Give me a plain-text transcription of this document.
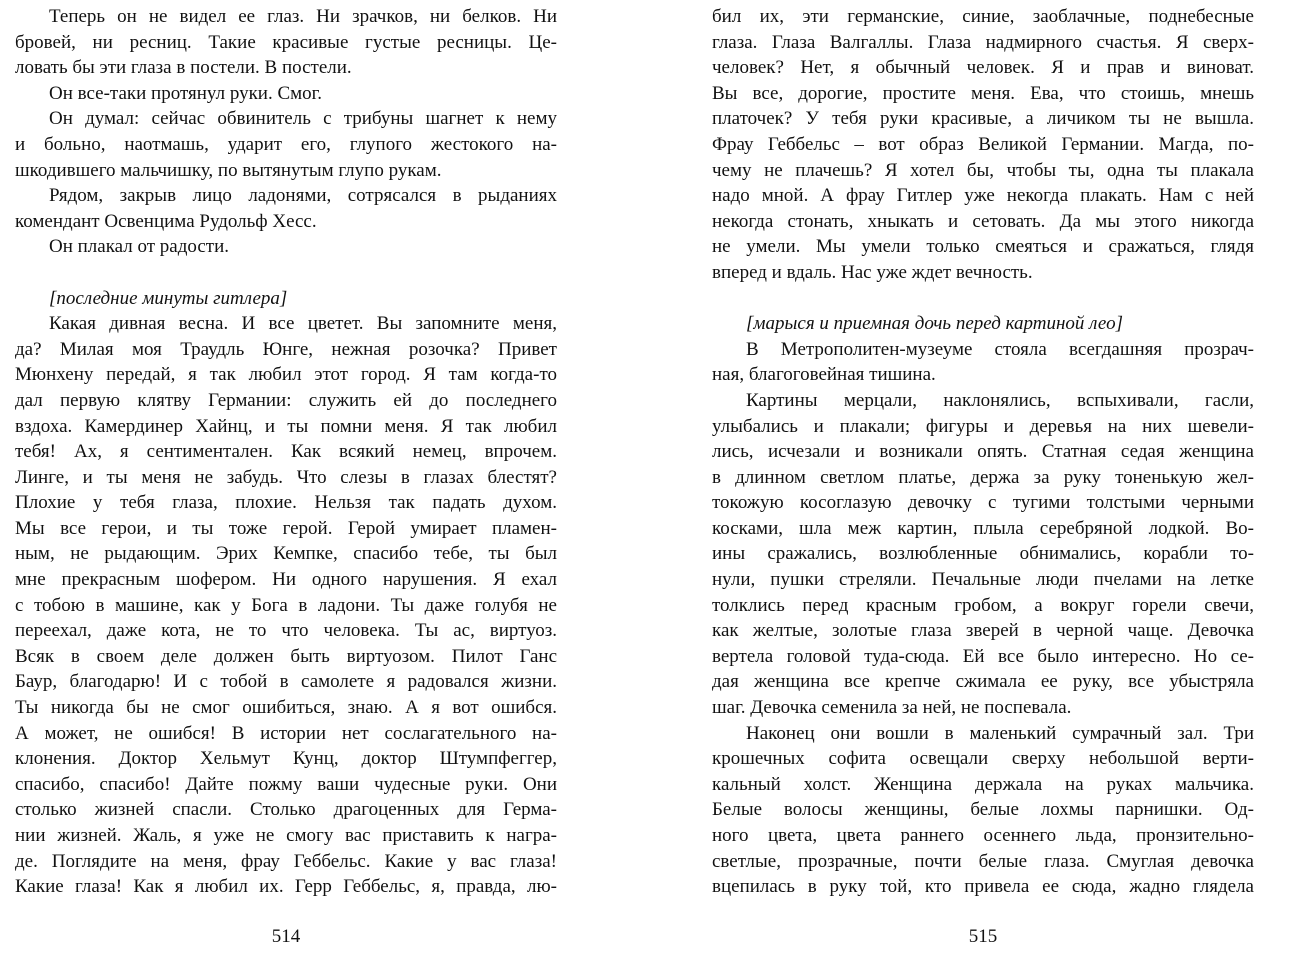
Теперь он не видел ее глаз. Ни зрачков, ни белков. Ни
бровей, ни ресниц. Такие красивые густые ресницы. Це-
ловать бы эти глаза в постели. В постели.
Он все-таки протянул руки. Смог.
Он думал: сейчас обвинитель с трибуны шагнет к нему
и больно, наотмашь, ударит его, глупого жестокого на-
шкодившего мальчишку, по вытянутым глупо рукам.
Рядом, закрыв лицо ладонями, сотрясался в рыданиях
комендант Освенцима Рудольф Хесс.
Он плакал от радости.
[последние минуты гитлера]
Какая дивная весна. И все цветет. Вы запомните меня,
да? Милая моя Траудль Юнге, нежная розочка? Привет
Мюнхену передай, я так любил этот город. Я там когда-то
дал первую клятву Германии: служить ей до последнего
вздоха. Камердинер Хайнц, и ты помни меня. Я так любил
тебя! Ах, я сентиментален. Как всякий немец, впрочем.
Линге, и ты меня не забудь. Что слезы в глазах блестят?
Плохие у тебя глаза, плохие. Нельзя так падать духом.
Мы все герои, и ты тоже герой. Герой умирает пламен-
ным, не рыдающим. Эрих Кемпке, спасибо тебе, ты был
мне прекрасным шофером. Ни одного нарушения. Я ехал
с тобою в машине, как у Бога в ладони. Ты даже голубя не
переехал, даже кота, не то что человека. Ты ас, виртуоз.
Всяк в своем деле должен быть виртуозом. Пилот Ганс
Баур, благодарю! И с тобой в самолете я радовался жизни.
Ты никогда бы не смог ошибиться, знаю. А я вот ошибся.
А может, не ошибся! В истории нет сослагательного на-
клонения. Доктор Хельмут Кунц, доктор Штумпфеггер,
спасибо, спасибо! Дайте пожму ваши чудесные руки. Они
столько жизней спасли. Столько драгоценных для Герма-
нии жизней. Жаль, я уже не смогу вас приставить к награ-
де. Поглядите на меня, фрау Геббельс. Какие у вас глаза!
Какие глаза! Как я любил их. Герр Геббельс, я, правда, лю-
514
бил их, эти германские, синие, заоблачные, поднебесные
глаза. Глаза Валгаллы. Глаза надмирного счастья. Я сверх-
человек? Нет, я обычный человек. Я и прав и виноват.
Вы все, дорогие, простите меня. Ева, что стоишь, мнешь
платочек? У тебя руки красивые, а личиком ты не вышла.
Фрау Геббельс – вот образ Великой Германии. Магда, по-
чему не плачешь? Я хотел бы, чтобы ты, одна ты плакала
надо мной. А фрау Гитлер уже некогда плакать. Нам с ней
некогда стонать, хныкать и сетовать. Да мы этого никогда
не умели. Мы умели только смеяться и сражаться, глядя
вперед и вдаль. Нас уже ждет вечность.
[марыся и приемная дочь перед картиной лео]
В Метрополитен-музеуме стояла всегдашняя прозрач-
ная, благоговейная тишина.
Картины мерцали, наклонялись, вспыхивали, гасли,
улыбались и плакали; фигуры и деревья на них шевели-
лись, исчезали и возникали опять. Статная седая женщина
в длинном светлом платье, держа за руку тоненькую жел-
токожую косоглазую девочку с тугими толстыми черными
косками, шла меж картин, плыла серебряной лодкой. Во-
ины сражались, возлюбленные обнимались, корабли то-
нули, пушки стреляли. Печальные люди пчелами на летке
толклись перед красным гробом, а вокруг горели свечи,
как желтые, золотые глаза зверей в черной чаще. Девочка
вертела головой туда-сюда. Ей все было интересно. Но се-
дая женщина все крепче сжимала ее руку, все убыстряла
шаг. Девочка семенила за ней, не поспевала.
Наконец они вошли в маленький сумрачный зал. Три
крошечных софита освещали сверху небольшой верти-
кальный холст. Женщина держала на руках мальчика.
Белые волосы женщины, белые лохмы парнишки. Од-
ного цвета, цвета раннего осеннего льда, пронзительно-
светлые, прозрачные, почти белые глаза. Смуглая девочка
вцепилась в руку той, кто привела ее сюда, жадно глядела
515
